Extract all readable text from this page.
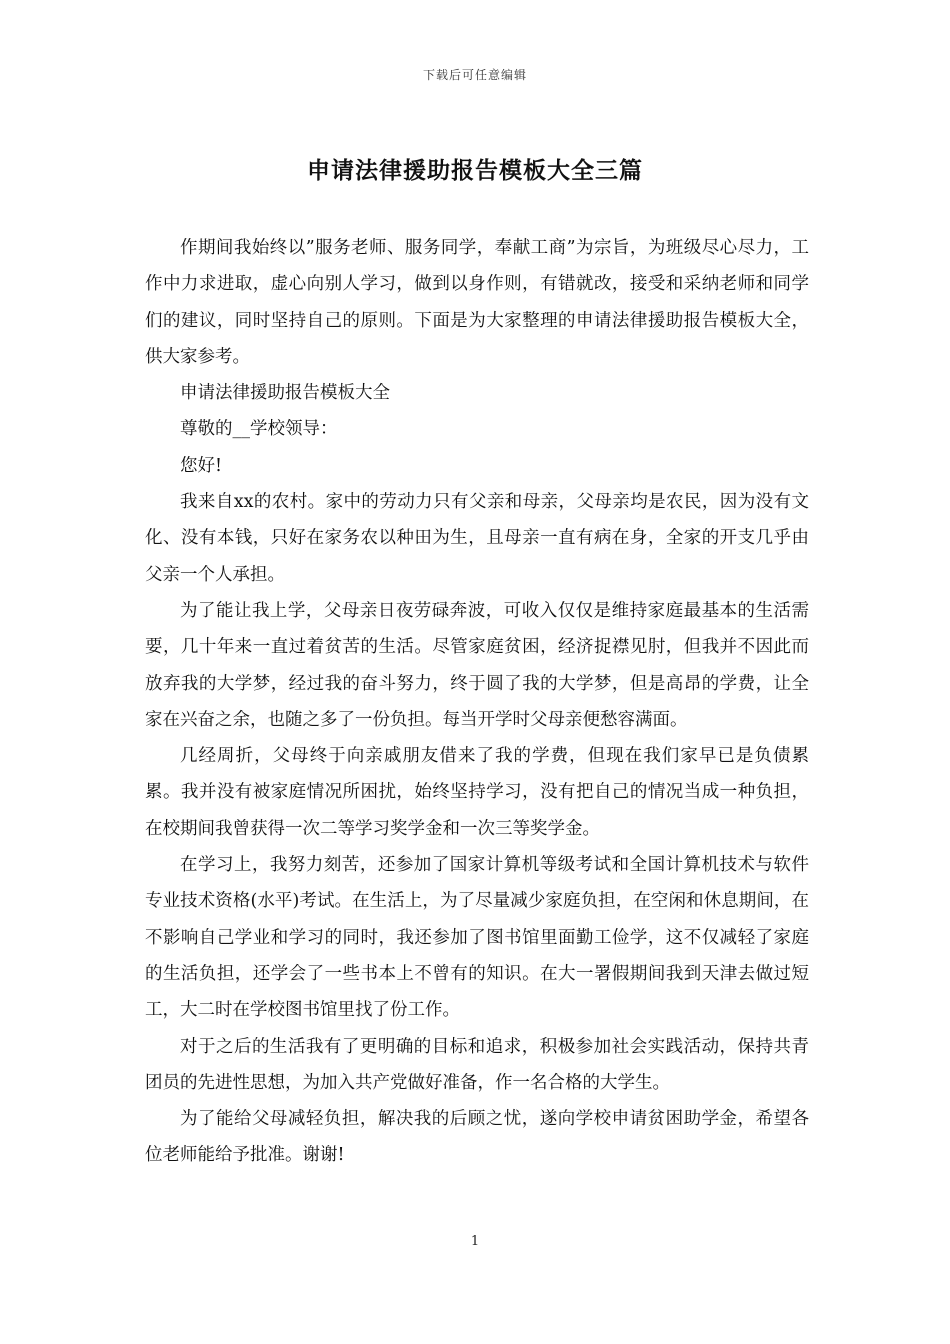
下载后可任意编辑
申请法律援助报告模板大全三篇

作期间我始终以”服务老师、服务同学，奉献工商”为宗旨，为班级尽心尽力，工作中力求进取，虚心向别人学习，做到以身作则，有错就改，接受和采纳老师和同学们的建议，同时坚持自己的原则。下面是为大家整理的申请法律援助报告模板大全，供大家参考。

申请法律援助报告模板大全

尊敬的__学校领导：

您好!

我来自xx的农村。家中的劳动力只有父亲和母亲，父母亲均是农民，因为没有文化、没有本钱，只好在家务农以种田为生，且母亲一直有病在身，全家的开支几乎由父亲一个人承担。

为了能让我上学，父母亲日夜劳碌奔波，可收入仅仅是维持家庭最基本的生活需要，几十年来一直过着贫苦的生活。尽管家庭贫困，经济捉襟见肘，但我并不因此而放弃我的大学梦，经过我的奋斗努力，终于圆了我的大学梦，但是高昂的学费，让全家在兴奋之余，也随之多了一份负担。每当开学时父母亲便愁容满面。

几经周折，父母终于向亲戚朋友借来了我的学费，但现在我们家早已是负债累累。我并没有被家庭情况所困扰，始终坚持学习，没有把自己的情况当成一种负担，在校期间我曾获得一次二等学习奖学金和一次三等奖学金。

在学习上，我努力刻苦，还参加了国家计算机等级考试和全国计算机技术与软件专业技术资格(水平)考试。在生活上，为了尽量减少家庭负担，在空闲和休息期间，在不影响自己学业和学习的同时，我还参加了图书馆里面勤工俭学，这不仅减轻了家庭的生活负担，还学会了一些书本上不曾有的知识。在大一署假期间我到天津去做过短工，大二时在学校图书馆里找了份工作。

对于之后的生活我有了更明确的目标和追求，积极参加社会实践活动，保持共青团员的先进性思想，为加入共产党做好准备，作一名合格的大学生。

为了能给父母减轻负担，解决我的后顾之忧，遂向学校申请贫困助学金，希望各位老师能给予批准。谢谢!

1
